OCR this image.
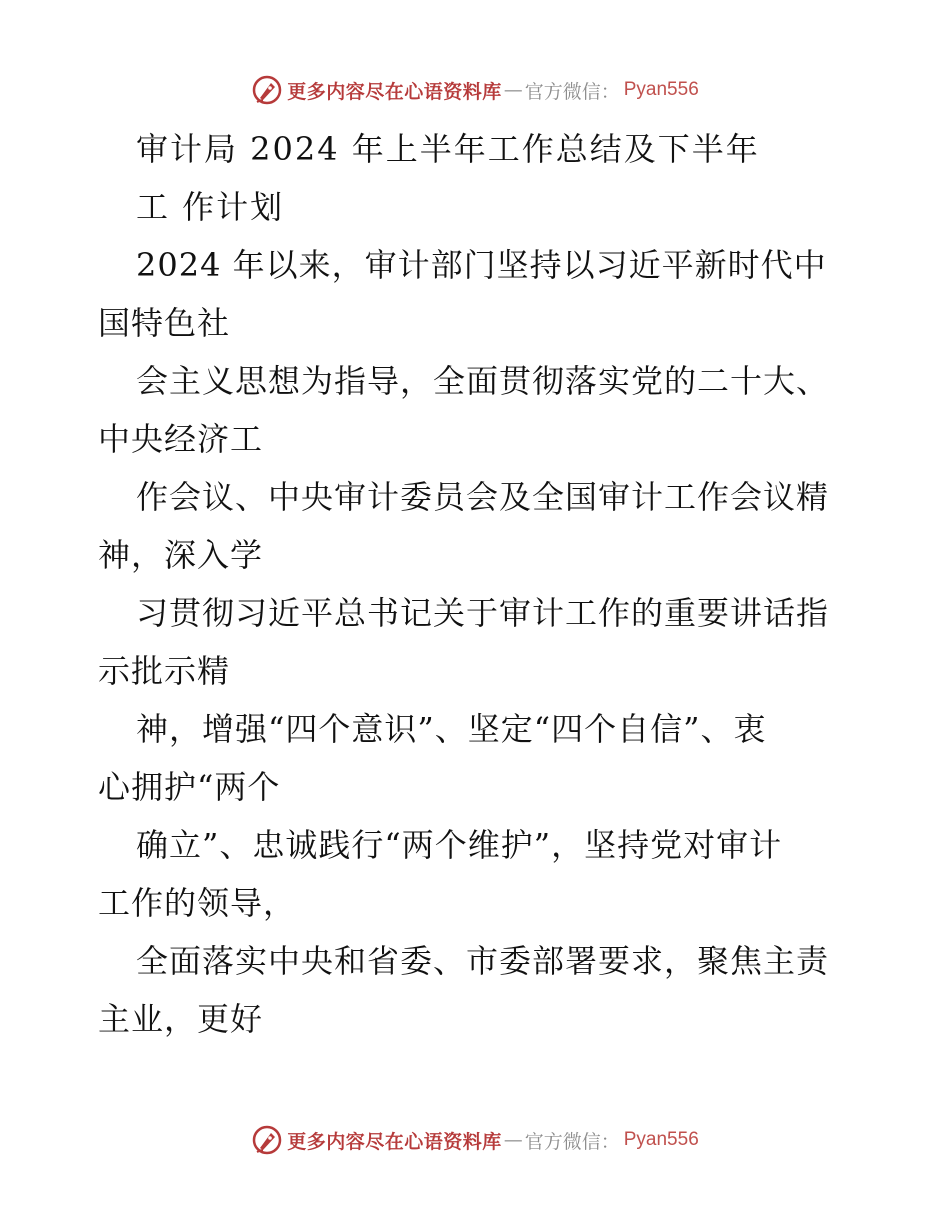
更多内容尽在心语资料库 — 官方微信： Pyan556
审计局 2024 年上半年工作总结及下半年
工 作计划
2024 年以来，审计部门坚持以习近平新时代中
国特色社
会主义思想为指导，全面贯彻落实党的二十大、
中央经济工
作会议、中央审计委员会及全国审计工作会议精
神，深入学
习贯彻习近平总书记关于审计工作的重要讲话指
示批示精
神，增强“四个意识”、坚定“四个自信”、衷
心拥护“两个
确立”、忠诚践行“两个维护”，坚持党对审计
工作的领导，
全面落实中央和省委、市委部署要求，聚焦主责
主业，更好
更多内容尽在心语资料库 — 官方微信： Pyan556
